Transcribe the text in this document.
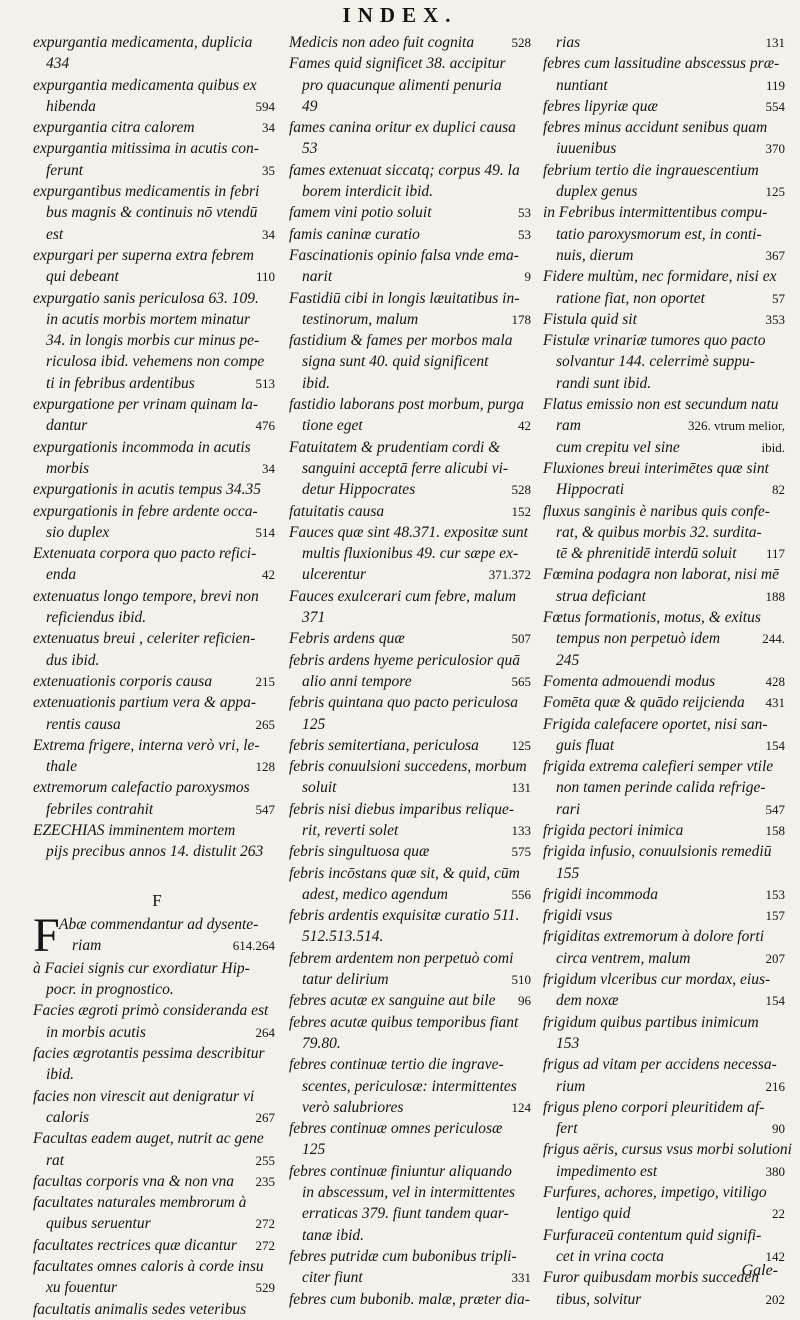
INDEX.
expurgantia medicamenta, duplicia
434
expurgantia medicamenta quibus ex
hibenda	594
expurgantia citra calorem	34
expurgantia mitissima in acutis con-
ferunt	35
expurgantibus medicamentis in febri
bus magnis & continuis nō vtendū
est	34
expurgari per superna extra febrem
qui debeant	110
expurgatio sanis periculosa 63. 109.
in acutis morbis mortem minatur
34. in longis morbis cur minus pe-
riculosa ibid. vehemens non compe
ti in febribus ardentibus	513
expurgatione per vrinam quinam la-
dantur	476
expurgationis incommoda in acutis
morbis	34
expurgationis in acutis tempus 34.35
expurgationis in febre ardente occa-
sio duplex	514
Extenuata corpora quo pacto refici-
enda	42
extenuatus longo tempore, brevi non
reficiendus ibid.
extenuatus breui , celeriter reficien-
dus ibid.
extenuationis corporis causa	215
extenuationis partium vera & appa-
rentis causa	265
Extrema frigere, interna verò vri, le-
thale	128
extremorum calefactio paroxysmos
febriles contrahit	547
EZECHIAS imminentem mortem
pijs precibus annos 14. distulit 263
F
F Abæ commendantur ad dysente-
riam	614.264
à Faciei signis cur exordiatur Hip-
pocr. in prognostico.
Facies ægroti primò consideranda est
in morbis acutis	264
facies ægrotantis pessima describitur
ibid.
facies non virescit aut denigratur vi
caloris	267
Facultas eadem auget, nutrit ac gene
rat	255
facultas corporis vna & non vna 235
facultates naturales membrorum à
quibus seruentur	272
facultates rectrices quæ dicantur 272
facultates omnes caloris à corde insu
xu fouentur	529
facultatis animalis sedes veteribus
Medicis non adeo fuit cognita	528
Fames quid significet 38. accipitur
pro quacunque alimenti penuria
49
fames canina oritur ex duplici causa
53
fames extenuat siccatq; corpus 49. la
borem interdicit ibid.
famem vini potio soluit	53
famis caninæ curatio	53
Fascinationis opinio falsa vnde ema-
narit	9
Fastidiū cibi in longis læuitatibus in-
testinorum, malum	178
fastidium & fames per morbos mala
signa sunt 40. quid significent
ibid.
fastidio laborans post morbum, purga
tione eget	42
Fatuitatem & prudentiam cordi &
sanguini acceptā ferre alicubi vi-
detur Hippocrates	528
fatuitatis causa	152
Fauces quæ sint 48.371. expositæ sunt
multis fluxionibus 49. cur sæpe ex-
ulcerentur	371.372
Fauces exulcerari cum febre, malum
371
Febris ardens quæ	507
febris ardens hyeme periculosior quā
alio anni tempore	565
febris quintana quo pacto periculosa
125
febris semitertiana, periculosa	125
febris conuulsioni succedens, morbum
soluit	131
febris nisi diebus imparibus relique-
rit, reverti solet	133
febris singultuosa quæ	575
febris incōstans quæ sit, & quid, cūm
adest, medico agendum	556
febris ardentis exquisitæ curatio 511.
512.513.514.
febrem ardentem non perpetuò comi
tatur delirium	510
febres acutæ ex sanguine aut bile 96
febres acutæ quibus temporibus fiant
79.80.
febres continuæ tertio die ingrave-
scentes, periculosæ: intermittentes
verò salubriores	124
febres continuæ omnes periculosæ
125
febres continuæ finiuntur aliquando
in abscessum, vel in intermittentes
erraticas 379. fiunt tandem quar-
tanæ ibid.
febres putridæ cum bubonibus tripli-
citer fiunt	331
febres cum bubonib. malæ, præter dia-
rias	131
febres cum lassitudine abscessus præ-
nuntiant	119
febres lipyriæ quæ	554
febres minus accidunt senibus quam
iuuenibus	370
febrium tertio die ingrauescentium
duplex genus	125
in Febribus intermittentibus compu-
tatio paroxysmorum est, in conti-
nuis, dierum	367
Fidere multùm, nec formidare, nisi ex
ratione fiat, non oportet	57
Fistula quid sit	353
Fistulæ vrinariæ tumores quo pacto
solvantur 144. celerrimè suppu-
randi sunt ibid.
Flatus emissio non est secundum natu
ram	326. vtrum melior,
cum crepitu vel sine	ibid.
Fluxiones breui interimētes quæ sint
Hippocrati	82
fluxus sanginis è naribus quis confe-
rat, & quibus morbis 32. surdita-
tē & phrenitidē interdū soluit 117
Fœmina podagra non laborat, nisi mē
strua deficiant	188
Fœtus formationis, motus, & exitus
tempus non perpetuò idem	244.
245
Fomenta admouendi modus	428
Fomēta quæ & quādo reijcienda 431
Frigida calefacere oportet, nisi san-
guis fluat	154
frigida extrema calefieri semper vtile
non tamen perinde calida refrige-
rari	547
frigida pectori inimica	158
frigida infusio, conuulsionis remediū
155
frigidi incommoda	153
frigidi vsus	157
frigiditas extremorum à dolore forti
circa ventrem, malum	207
frigidum vlceribus cur mordax, eius-
dem noxæ	154
frigidum quibus partibus inimicum
153
frigus ad vitam per accidens necessa-
rium	216
frigus pleno corpori pleuritidem af-
fert	90
frigus aëris, cursus vsus morbi solutioni
impedimento est	380
Furfures, achores, impetigo, vitiligo
lentigo quid	22
Furfuraceū contentum quid signifi-
cet in vrina cocta	142
Furor quibusdam morbis succeden
tibus, solvitur	202
Gale-
